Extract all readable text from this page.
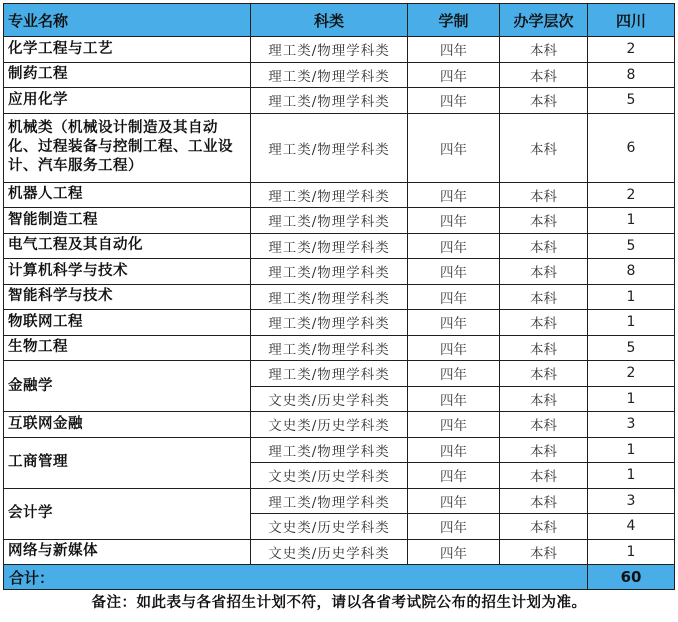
专业名称	科类	学制	办学层次	四川
化学工程与工艺	理工类/物理学科类	四年	本科	2
制药工程	理工类/物理学科类	四年	本科	8
应用化学	理工类/物理学科类	四年	本科	5
机械类（机械设计制造及其自动化、过程装备与控制工程、工业设计、汽车服务工程）	理工类/物理学科类	四年	本科	6
机器人工程	理工类/物理学科类	四年	本科	2
智能制造工程	理工类/物理学科类	四年	本科	1
电气工程及其自动化	理工类/物理学科类	四年	本科	5
计算机科学与技术	理工类/物理学科类	四年	本科	8
智能科学与技术	理工类/物理学科类	四年	本科	1
物联网工程	理工类/物理学科类	四年	本科	1
生物工程	理工类/物理学科类	四年	本科	5
金融学	理工类/物理学科类	四年	本科	2
	文史类/历史学科类	四年	本科	1
互联网金融	文史类/历史学科类	四年	本科	3
工商管理	理工类/物理学科类	四年	本科	1
	文史类/历史学科类	四年	本科	1
会计学	理工类/物理学科类	四年	本科	3
	文史类/历史学科类	四年	本科	4
网络与新媒体	文史类/历史学科类	四年	本科	1
合计：				60
备注：如此表与各省招生计划不符，请以各省考试院公布的招生计划为准。				
